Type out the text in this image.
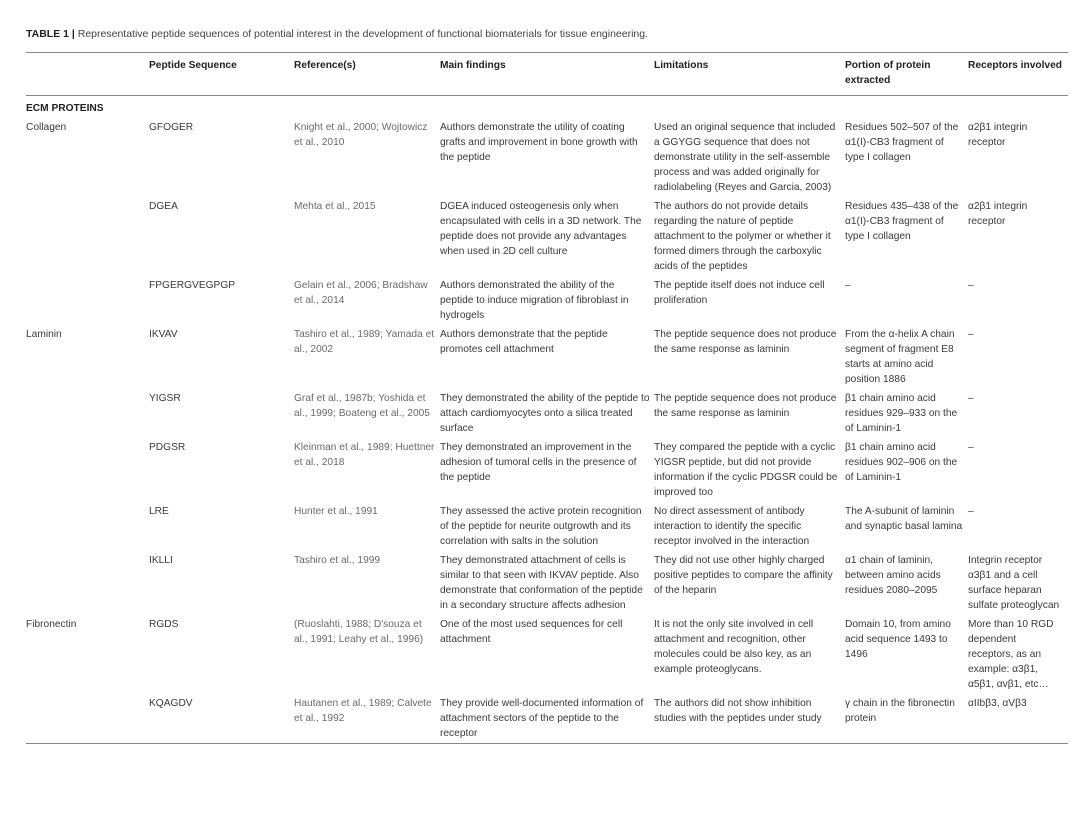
TABLE 1 | Representative peptide sequences of potential interest in the development of functional biomaterials for tissue engineering.
	Peptide Sequence	Reference(s)	Main findings	Limitations	Portion of protein extracted	Receptors involved
ECM PROTEINS						
Collagen	GFOGER	Knight et al., 2000; Wojtowicz et al., 2010	Authors demonstrate the utility of coating grafts and improvement in bone growth with the peptide	Used an original sequence that included a GGYGG sequence that does not demonstrate utility in the self-assemble process and was added originally for radiolabeling (Reyes and Garcia, 2003)	Residues 502–507 of the α1(I)-CB3 fragment of type I collagen	α2β1 integrin receptor
	DGEA	Mehta et al., 2015	DGEA induced osteogenesis only when encapsulated with cells in a 3D network. The peptide does not provide any advantages when used in 2D cell culture	The authors do not provide details regarding the nature of peptide attachment to the polymer or whether it formed dimers through the carboxylic acids of the peptides	Residues 435–438 of the α1(I)-CB3 fragment of type I collagen	α2β1 integrin receptor
	FPGERGVEGPGP	Gelain et al., 2006; Bradshaw et al., 2014	Authors demonstrated the ability of the peptide to induce migration of fibroblast in hydrogels	The peptide itself does not induce cell proliferation	–	–
Laminin	IKVAV	Tashiro et al., 1989; Yamada et al., 2002	Authors demonstrate that the peptide promotes cell attachment	The peptide sequence does not produce the same response as laminin	From the α-helix A chain segment of fragment E8 starts at amino acid position 1886	–
	YIGSR	Graf et al., 1987b; Yoshida et al., 1999; Boateng et al., 2005	They demonstrated the ability of the peptide to attach cardiomyocytes onto a silica treated surface	The peptide sequence does not produce the same response as laminin	β1 chain amino acid residues 929–933 on the of Laminin-1	–
	PDGSR	Kleinman et al., 1989; Huettner et al., 2018	They demonstrated an improvement in the adhesion of tumoral cells in the presence of the peptide	They compared the peptide with a cyclic YIGSR peptide, but did not provide information if the cyclic PDGSR could be improved too	β1 chain amino acid residues 902–906 on the of Laminin-1	–
	LRE	Hunter et al., 1991	They assessed the active protein recognition of the peptide for neurite outgrowth and its correlation with salts in the solution	No direct assessment of antibody interaction to identify the specific receptor involved in the interaction	The A-subunit of laminin and synaptic basal lamina	–
	IKLLI	Tashiro et al., 1999	They demonstrated attachment of cells is similar to that seen with IKVAV peptide. Also demonstrate that conformation of the peptide in a secondary structure affects adhesion	They did not use other highly charged positive peptides to compare the affinity of the heparin	α1 chain of laminin, between amino acids residues 2080–2095	Integrin receptor α3β1 and a cell surface heparan sulfate proteoglycan
Fibronectin	RGDS	(Ruoslahti, 1988; D'souza et al., 1991; Leahy et al., 1996)	One of the most used sequences for cell attachment	It is not the only site involved in cell attachment and recognition, other molecules could be also key, as an example proteoglycans.	Domain 10, from amino acid sequence 1493 to 1496	More than 10 RGD dependent receptors, as an example: α3β1, α5β1, αvβ1, etc…
	KQAGDV	Hautanen et al., 1989; Calvete et al., 1992	They provide well-documented information of attachment sectors of the peptide to the receptor	The authors did not show inhibition studies with the peptides under study	γ chain in the fibronectin protein	αIIbβ3, αVβ3
